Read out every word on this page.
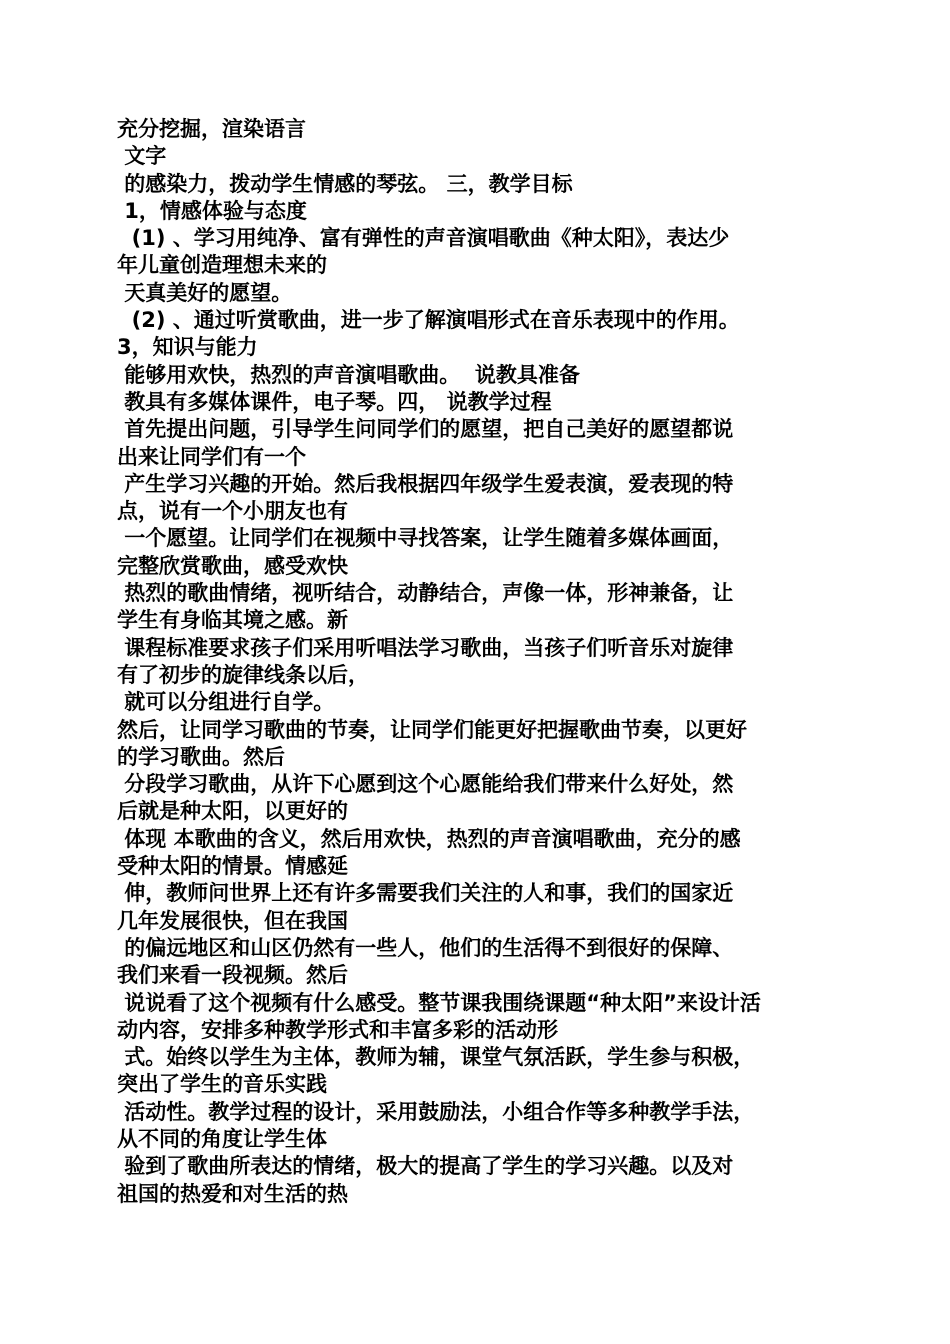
充分挖掘，渲染语言
文字
的感染力，拨动学生情感的琴弦。 三，教学目标
1，情感体验与态度
(1) 、学习用纯净、富有弹性的声音演唱歌曲《种太阳》，表达少
年儿童创造理想未来的
天真美好的愿望。
(2) 、通过听赏歌曲，进一步了解演唱形式在音乐表现中的作用。
3，知识与能力
能够用欢快，热烈的声音演唱歌曲。  说教具准备
教具有多媒体课件，电子琴。四， 说教学过程
首先提出问题，引导学生问同学们的愿望，把自己美好的愿望都说
出来让同学们有一个
产生学习兴趣的开始。然后我根据四年级学生爱表演，爱表现的特
点，说有一个小朋友也有
一个愿望。让同学们在视频中寻找答案，让学生随着多媒体画面，
完整欣赏歌曲，感受欢快
热烈的歌曲情绪，视听结合，动静结合，声像一体，形神兼备，让
学生有身临其境之感。新
课程标准要求孩子们采用听唱法学习歌曲，当孩子们听音乐对旋律
有了初步的旋律线条以后，
就可以分组进行自学。
然后，让同学习歌曲的节奏，让同学们能更好把握歌曲节奏，以更好
的学习歌曲。然后
分段学习歌曲，从许下心愿到这个心愿能给我们带来什么好处，然
后就是种太阳，以更好的
体现 本歌曲的含义，然后用欢快，热烈的声音演唱歌曲，充分的感
受种太阳的情景。情感延
伸，教师问世界上还有许多需要我们关注的人和事，我们的国家近
几年发展很快，但在我国
的偏远地区和山区仍然有一些人，他们的生活得不到很好的保障、
我们来看一段视频。然后
说说看了这个视频有什么感受。整节课我围绕课题“种太阳”来设计活
动内容，安排多种教学形式和丰富多彩的活动形
式。始终以学生为主体，教师为辅，课堂气氛活跃，学生参与积极，
突出了学生的音乐实践
活动性。教学过程的设计，采用鼓励法，小组合作等多种教学手法，
从不同的角度让学生体
验到了歌曲所表达的情绪，极大的提高了学生的学习兴趣。以及对
祖国的热爱和对生活的热
